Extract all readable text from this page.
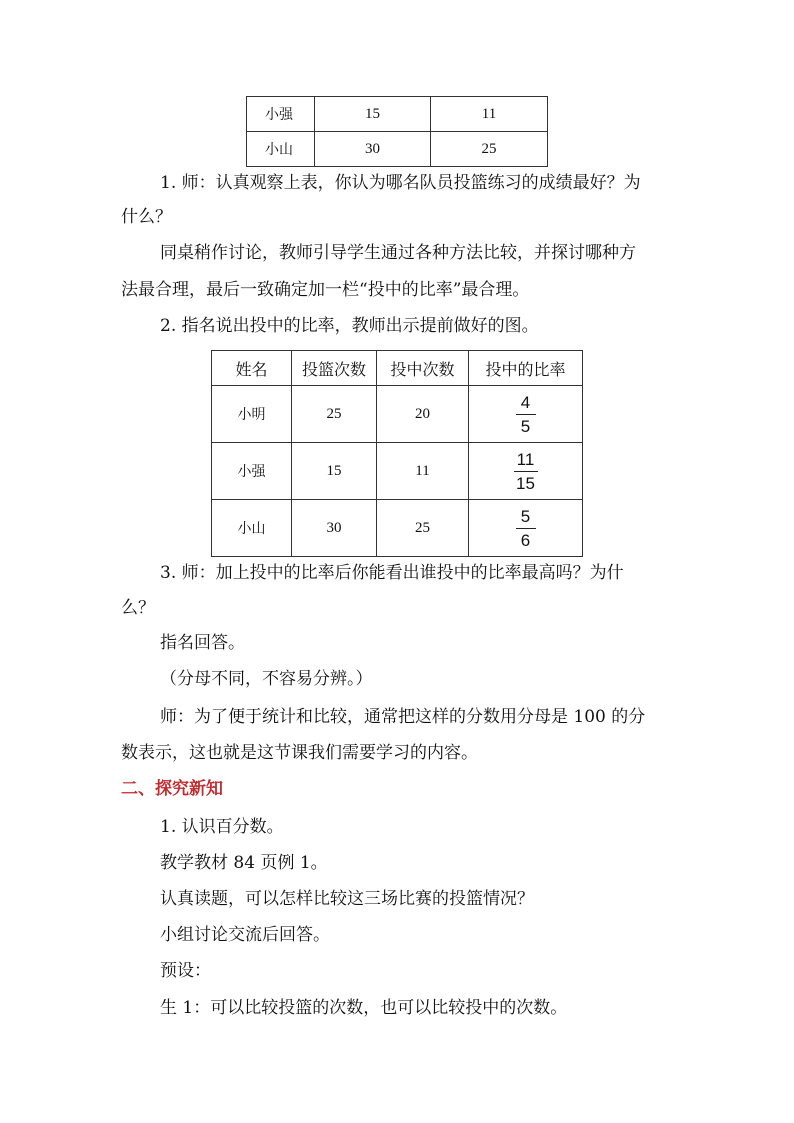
小强	15	11
小山	30	25
1. 师：认真观察上表，你认为哪名队员投篮练习的成绩最好？为
什么？
同桌稍作讨论，教师引导学生通过各种方法比较，并探讨哪种方
法最合理，最后一致确定加一栏“投中的比率”最合理。
2. 指名说出投中的比率，教师出示提前做好的图。
姓名	投篮次数	投中次数	投中的比率
小明	25	20	$\frac{4}{5}$

小强	15	11	$\frac{11}{15}$

小山	30	25	$\frac{5}{6}$
3. 师：加上投中的比率后你能看出谁投中的比率最高吗？为什
么？
指名回答。
（分母不同，不容易分辨。）
师：为了便于统计和比较，通常把这样的分数用分母是 100 的分
数表示，这也就是这节课我们需要学习的内容。
二、探究新知
1. 认识百分数。
教学教材 84 页例 1。
认真读题，可以怎样比较这三场比赛的投篮情况？
小组讨论交流后回答。
预设：
生 1：可以比较投篮的次数，也可以比较投中的次数。
